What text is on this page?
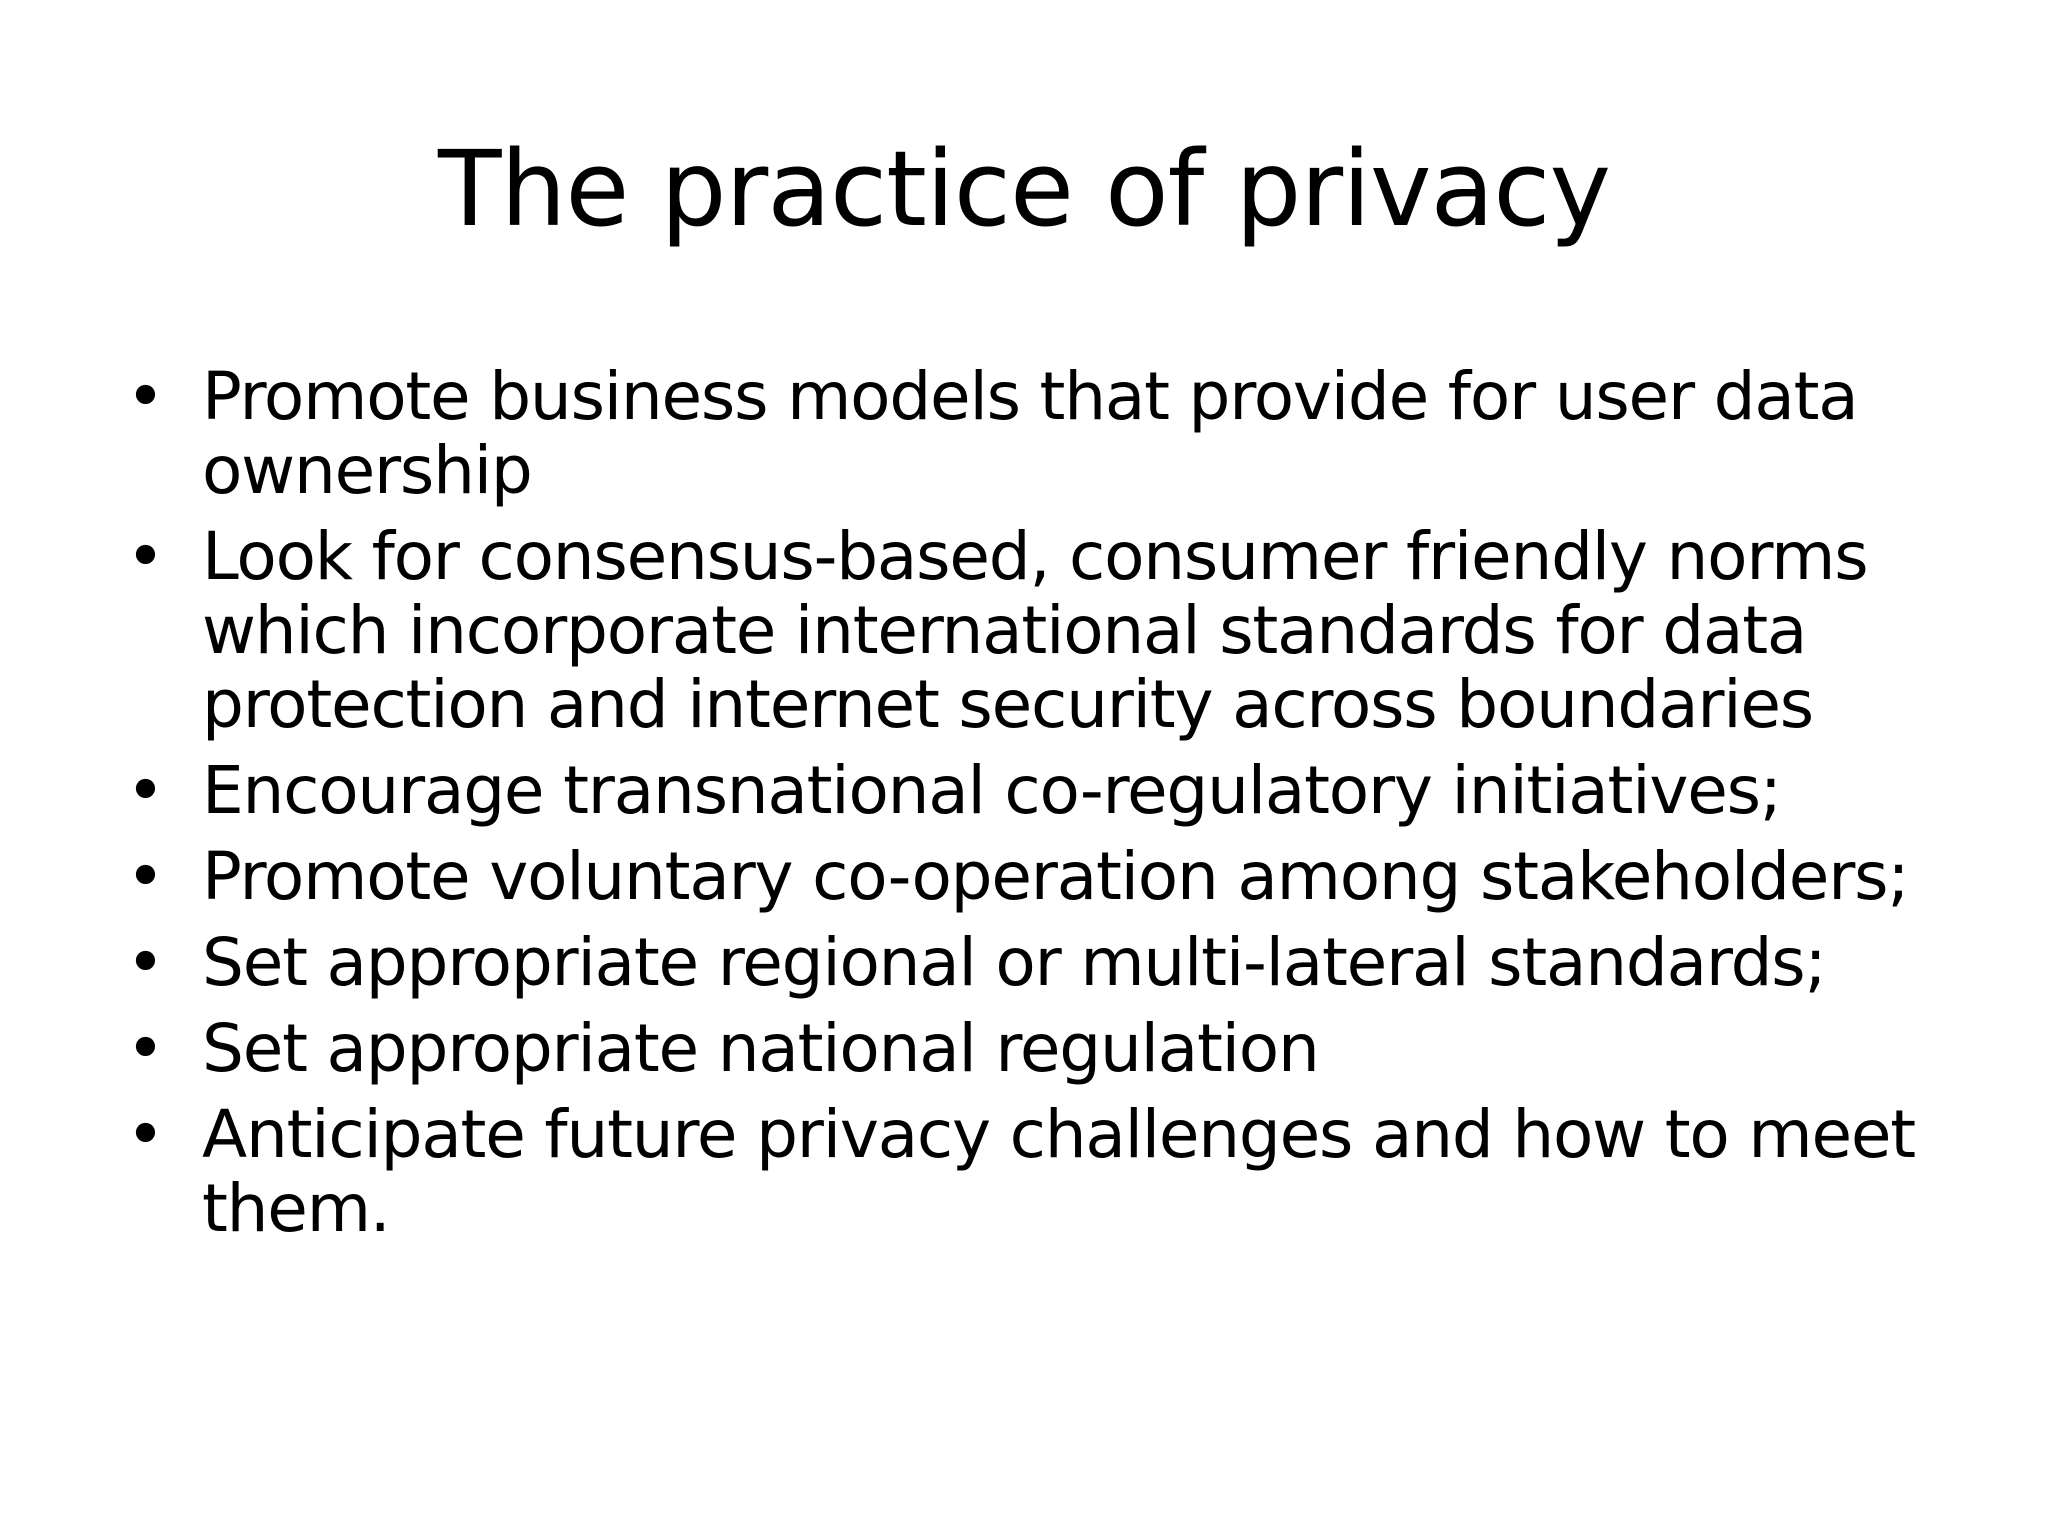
The practice of privacy
• Promote business models that provide for user data ownership
• Look for consensus-based, consumer friendly norms which incorporate international standards for data protection and internet security across boundaries
• Encourage transnational co-regulatory initiatives;
• Promote voluntary co-operation among stakeholders;
• Set appropriate regional or multi-lateral standards;
• Set appropriate national regulation
• Anticipate future privacy challenges and how to meet them.
